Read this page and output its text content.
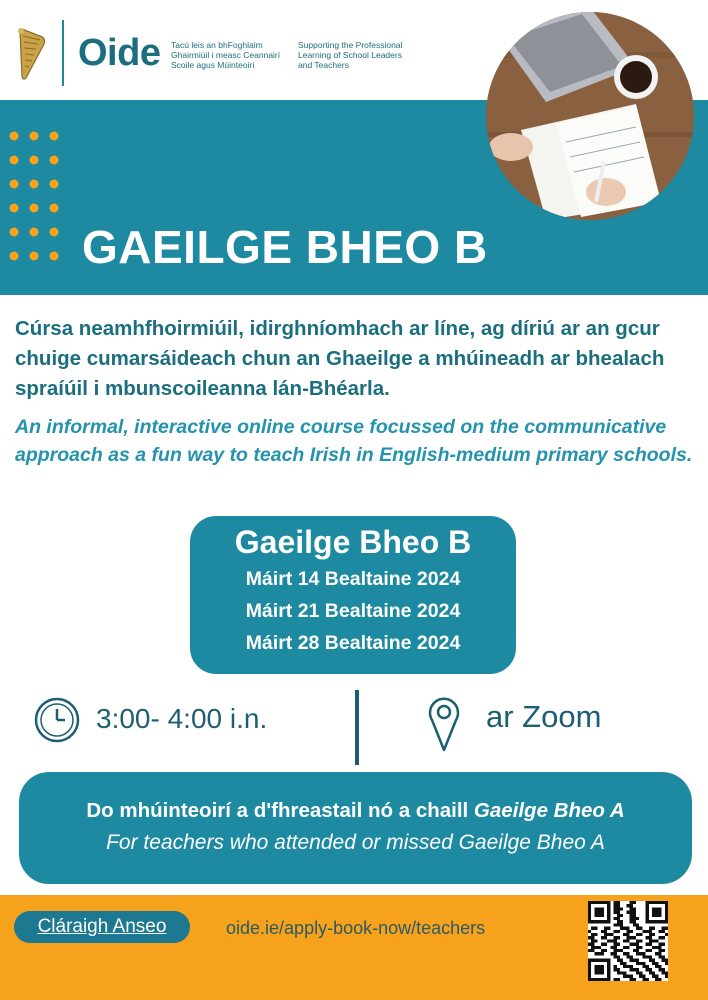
Oide Tacú leis an bhFoghlaim
Ghairmiúil i measc Ceannairí
Scoile agus Múinteoirí
Supporting the Professional
Learning of School Leaders
and Teachers
GAEILGE BHEO B
Cúrsa neamhfhoirmiúil, idirghníomhach ar líne, ag díriú ar an gcur chuige cumarsáideach chun an Ghaeilge a mhúineadh ar bhealach spraíúil i mbunscoileanna lán-Bhéarla.
An informal, interactive online course focussed on the communicative approach as a fun way to teach Irish in English-medium primary schools.
Gaeilge Bheo B
Máirt 14 Bealtaine 2024
Máirt 21 Bealtaine 2024
Máirt 28 Bealtaine 2024
3:00- 4:00 i.n.	ar Zoom
Do mhúinteoirí a d'fhreastail nó a chaill Gaeilge Bheo A
For teachers who attended or missed Gaeilge Bheo A
Cláraigh Anseo	oide.ie/apply-book-now/teachers
